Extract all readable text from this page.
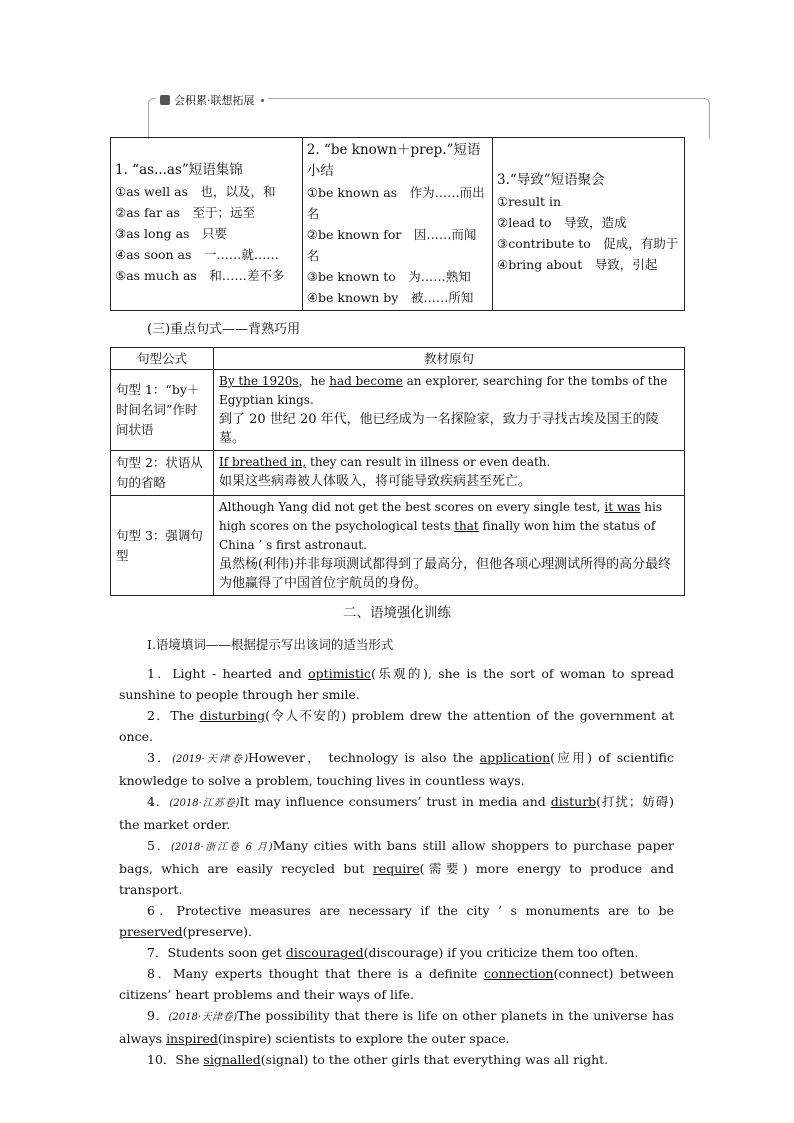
会积累·联想拓展
1. “as...as”短语集锦
①as well as　也，以及，和
②as far as　至于；远至
③as long as　只要
④as soon as　一……就……
⑤as much as　和……差不多

2. “be known＋prep.”短语小结
①be known as　作为……而出名
②be known for　因……而闻名
③be known to　为……熟知
④be known by　被……所知

3.“导致”短语聚会
①result in
②lead to　导致，造成
③contribute to　促成，有助于
④bring about　导致，引起
(三)重点句式——背熟巧用
句型公式	教材原句
句型 1：“by＋时间名词”作时间状语	By the 1920s，he had become an explorer, searching for the tombs of the Egyptian kings.
到了 20 世纪 20 年代，他已经成为一名探险家，致力于寻找古埃及国王的陵墓。

句型 2：状语从句的省略	If breathed in, they can result in illness or even death.
如果这些病毒被人体吸入，将可能导致疾病甚至死亡。

句型 3：强调句型	Although Yang did not get the best scores on every single test, it was his high scores on the psychological tests that finally won him the status of China ’ s first astronaut.
虽然杨(利伟)并非每项测试都得到了最高分，但他各项心理测试所得的高分最终为他赢得了中国首位宇航员的身份。
二、语境强化训练
Ⅰ.语境填词——根据提示写出该词的适当形式

1．Light - hearted and optimistic(乐观的), she is the sort of woman to spread sunshine to people through her smile.

2．The disturbing(令人不安的) problem drew the attention of the government at once.

3．(2019·天津卷)However， technology is also the application(应用) of scientific knowledge to solve a problem, touching lives in countless ways.

4．(2018·江苏卷)It may influence consumers’ trust in media and disturb(打扰；妨碍) the market order.

5．(2018·浙江卷 6 月)Many cities with bans still allow shoppers to purchase paper bags, which are easily recycled but require(需要) more energy to produce and transport.

6．Protective measures are necessary if the city ’ s monuments are to be preserved(preserve)．

7．Students soon get discouraged(discourage) if you criticize them too often.

8．Many experts thought that there is a definite connection(connect) between citizens’ heart problems and their ways of life.

9．(2018·天津卷)The possibility that there is life on other planets in the universe has always inspired(inspire) scientists to explore the outer space.

10．She signalled(signal) to the other girls that everything was all right.
